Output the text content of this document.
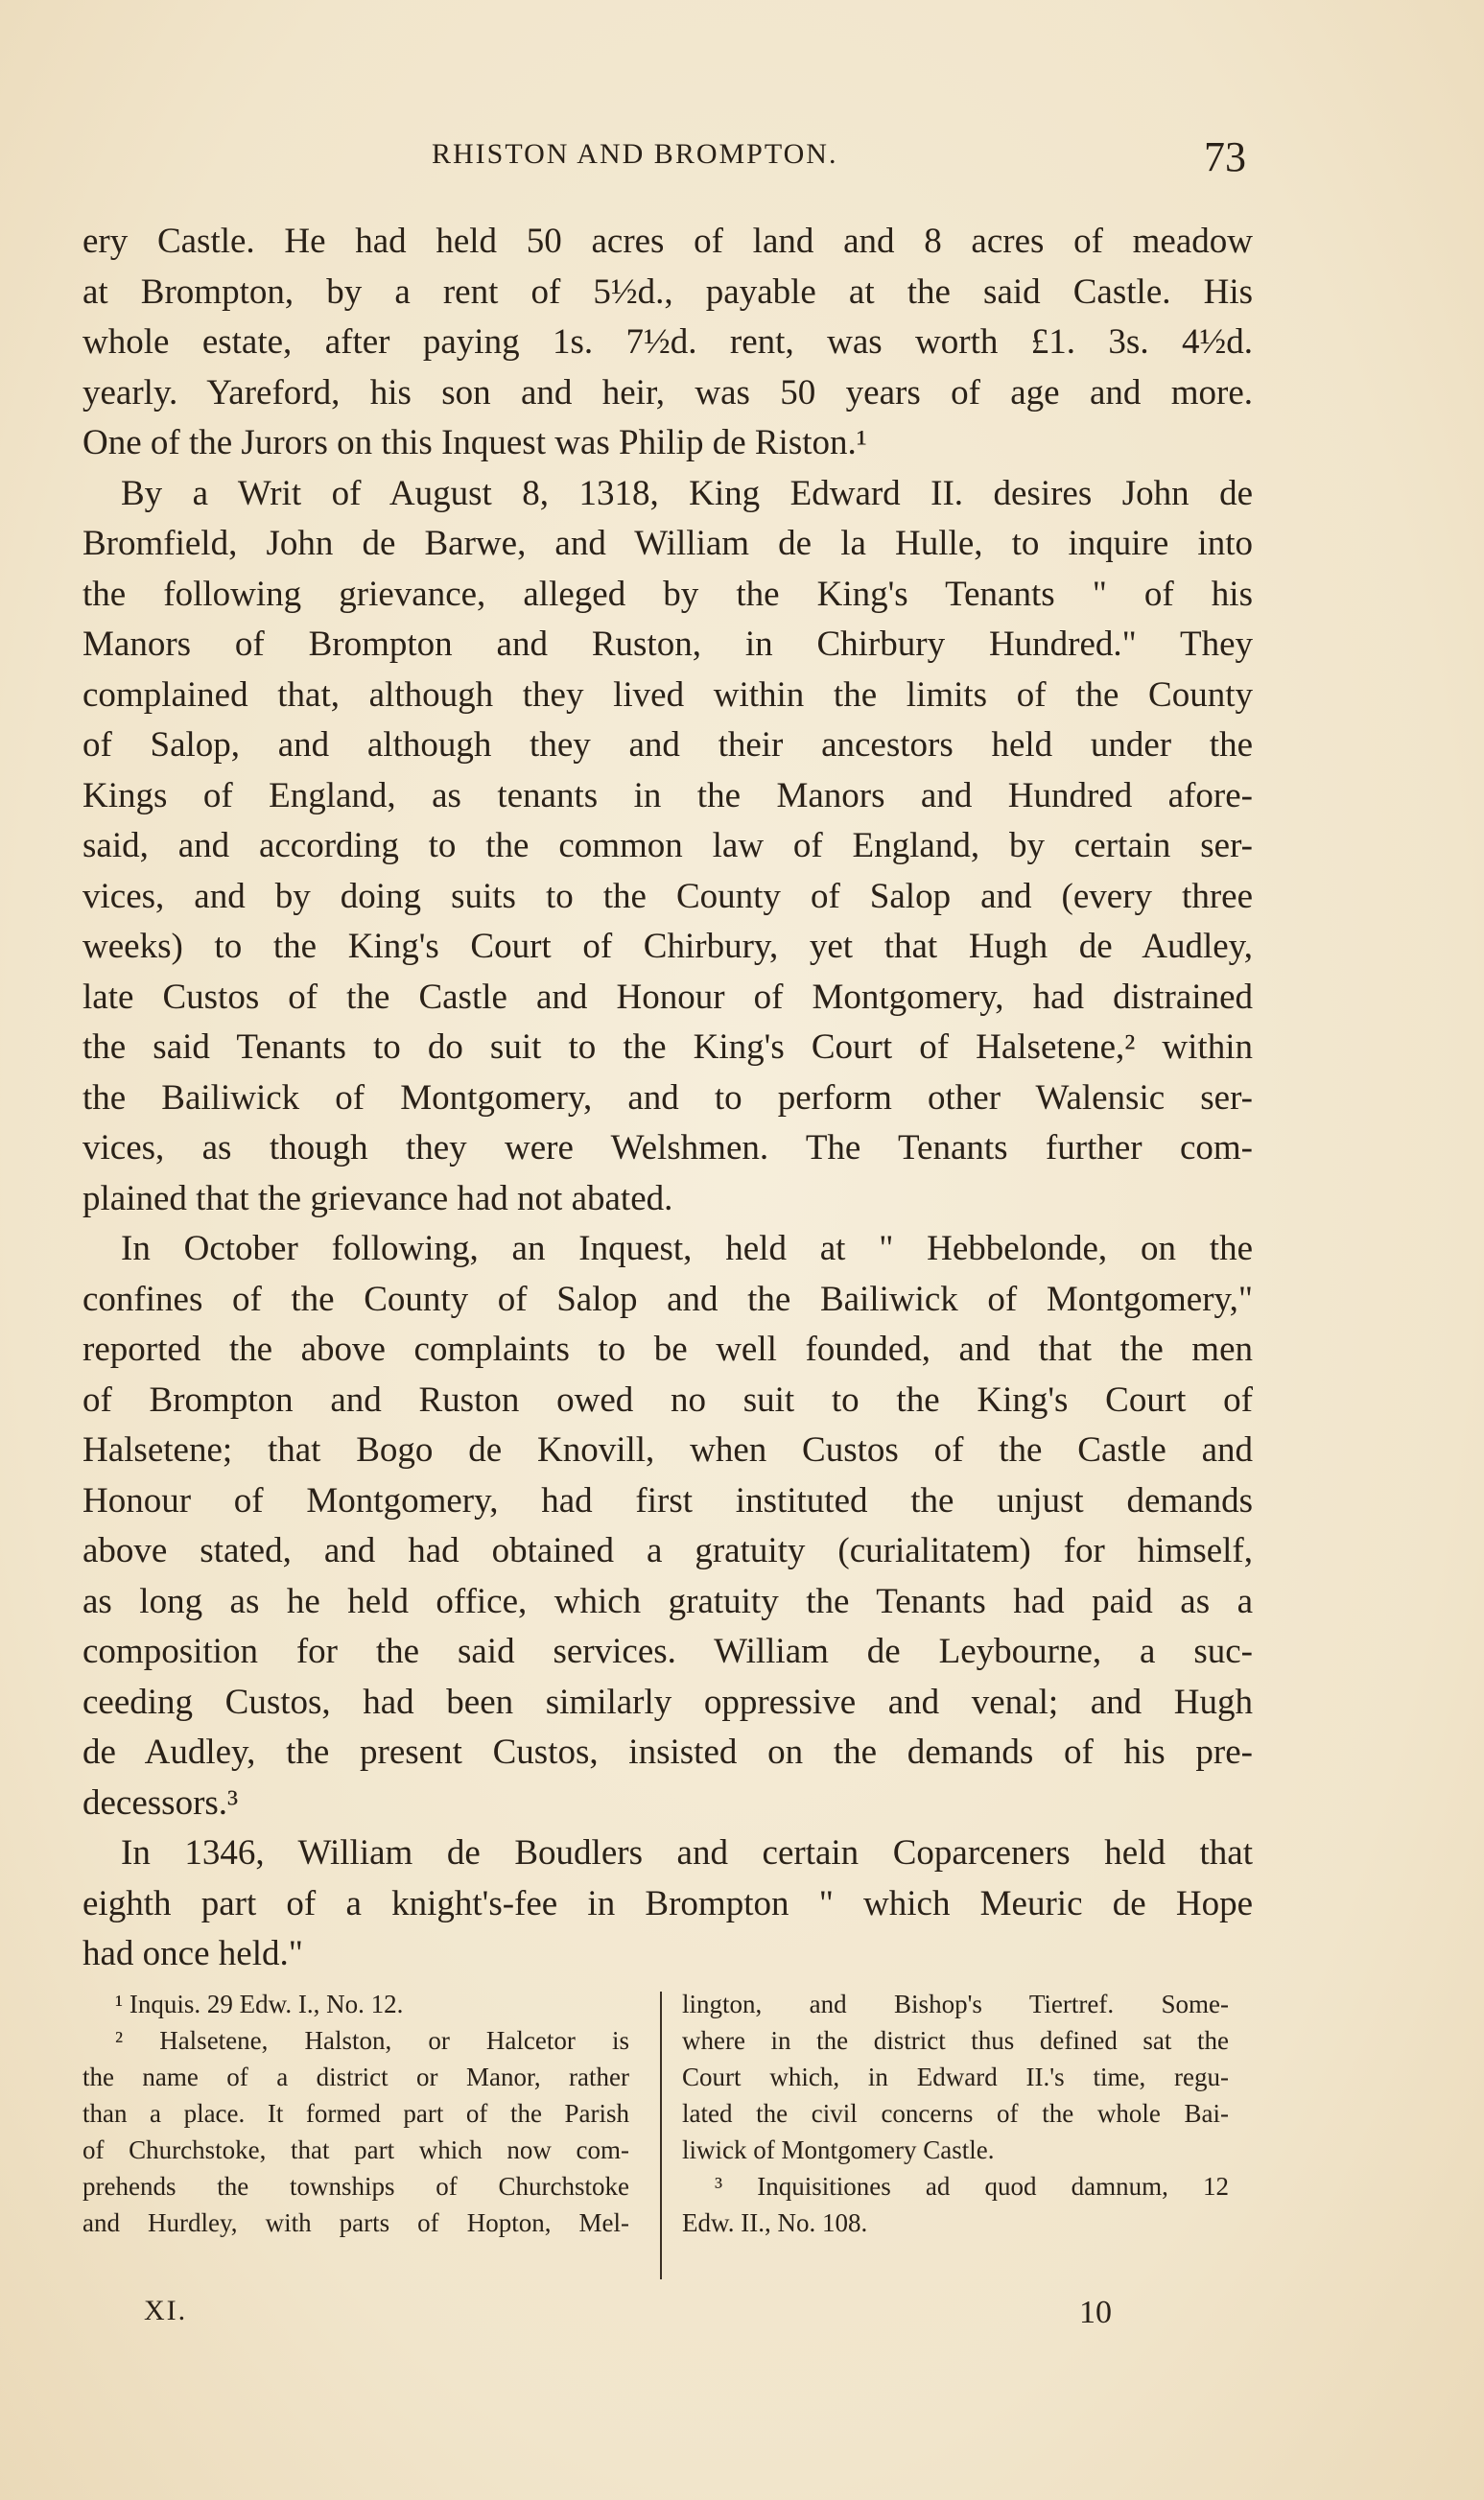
RHISTON AND BROMPTON.	73
ery Castle. He had held 50 acres of land and 8 acres of meadow
at Brompton, by a rent of 5½d., payable at the said Castle. His
whole estate, after paying 1s. 7½d. rent, was worth £1. 3s. 4½d.
yearly. Yareford, his son and heir, was 50 years of age and more.
One of the Jurors on this Inquest was Philip de Riston.¹
By a Writ of August 8, 1318, King Edward II. desires John de
Bromfield, John de Barwe, and William de la Hulle, to inquire into
the following grievance, alleged by the King's Tenants " of his
Manors of Brompton and Ruston, in Chirbury Hundred." They
complained that, although they lived within the limits of the County
of Salop, and although they and their ancestors held under the
Kings of England, as tenants in the Manors and Hundred afore-
said, and according to the common law of England, by certain ser-
vices, and by doing suits to the County of Salop and (every three
weeks) to the King's Court of Chirbury, yet that Hugh de Audley,
late Custos of the Castle and Honour of Montgomery, had distrained
the said Tenants to do suit to the King's Court of Halsetene,² within
the Bailiwick of Montgomery, and to perform other Walensic ser-
vices, as though they were Welshmen. The Tenants further com-
plained that the grievance had not abated.
In October following, an Inquest, held at " Hebbelonde, on the
confines of the County of Salop and the Bailiwick of Montgomery,"
reported the above complaints to be well founded, and that the men
of Brompton and Ruston owed no suit to the King's Court of
Halsetene; that Bogo de Knovill, when Custos of the Castle and
Honour of Montgomery, had first instituted the unjust demands
above stated, and had obtained a gratuity (curialitatem) for himself,
as long as he held office, which gratuity the Tenants had paid as a
composition for the said services. William de Leybourne, a suc-
ceeding Custos, had been similarly oppressive and venal; and Hugh
de Audley, the present Custos, insisted on the demands of his pre-
decessors.³
In 1346, William de Boudlers and certain Coparceners held that
eighth part of a knight's-fee in Brompton " which Meuric de Hope
had once held."
¹ Inquis. 29 Edw. I., No. 12.
² Halsetene, Halston, or Halcetor is
the name of a district or Manor, rather
than a place. It formed part of the Parish
of Churchstoke, that part which now com-
prehends the townships of Churchstoke
and Hurdley, with parts of Hopton, Mel-
lington, and Bishop's Tiertref. Some-
where in the district thus defined sat the
Court which, in Edward II.'s time, regu-
lated the civil concerns of the whole Bai-
liwick of Montgomery Castle.
³ Inquisitiones ad quod damnum, 12
Edw. II., No. 108.
XI.	10
